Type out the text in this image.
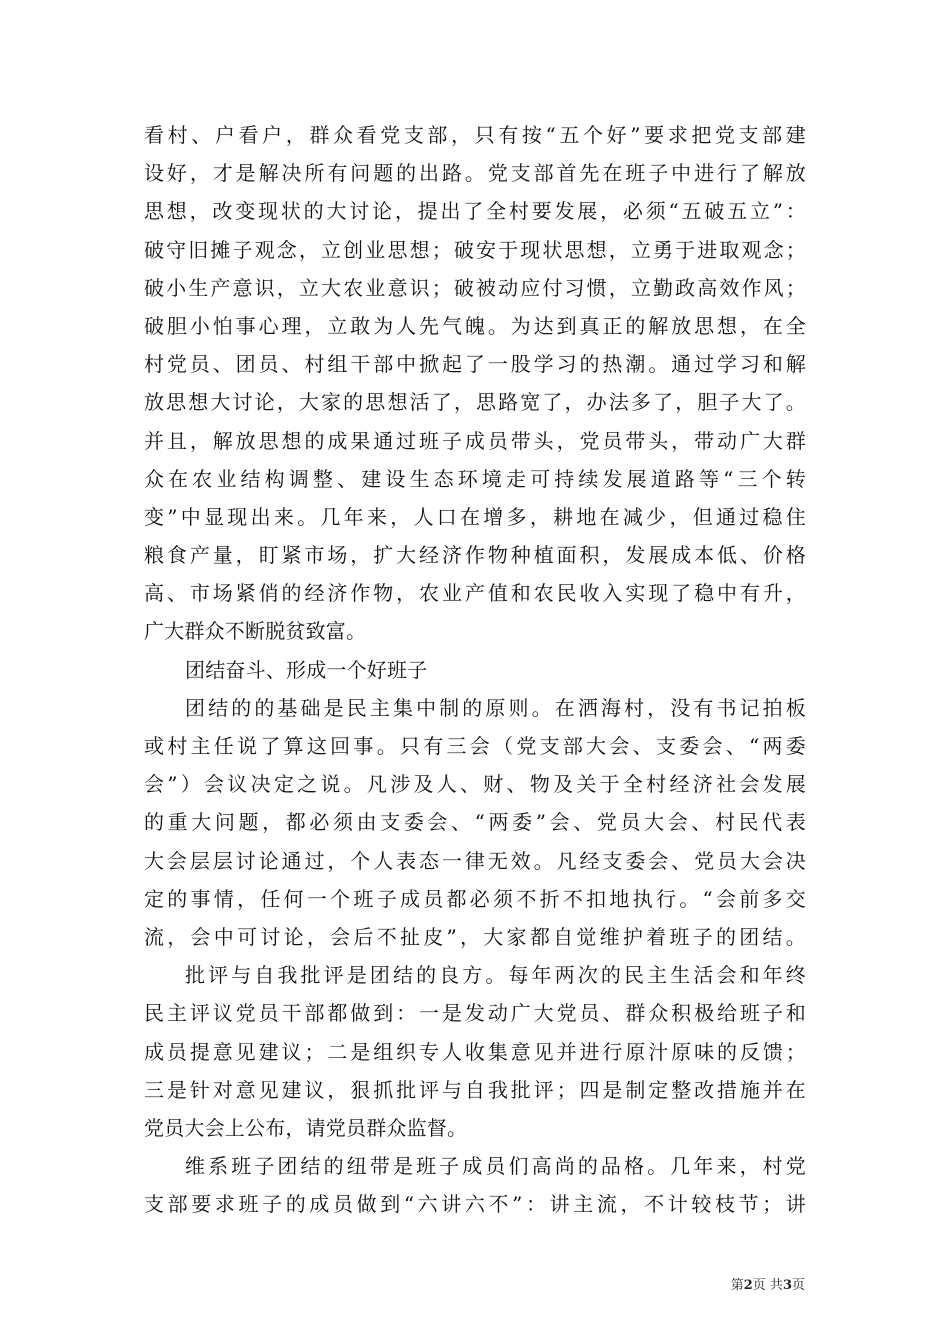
看村、户看户，群众看党支部，只有按“五个好”要求把党支部建
设好，才是解决所有问题的出路。党支部首先在班子中进行了解放
思想，改变现状的大讨论，提出了全村要发展，必须“五破五立”：
破守旧摊子观念，立创业思想；破安于现状思想，立勇于进取观念；
破小生产意识，立大农业意识；破被动应付习惯，立勤政高效作风；
破胆小怕事心理，立敢为人先气魄。为达到真正的解放思想，在全
村党员、团员、村组干部中掀起了一股学习的热潮。通过学习和解
放思想大讨论，大家的思想活了，思路宽了，办法多了，胆子大了。
并且，解放思想的成果通过班子成员带头，党员带头，带动广大群
众在农业结构调整、建设生态环境走可持续发展道路等“三个转
变”中显现出来。几年来，人口在增多，耕地在减少，但通过稳住
粮食产量，盯紧市场，扩大经济作物种植面积，发展成本低、价格
高、市场紧俏的经济作物，农业产值和农民收入实现了稳中有升，
广大群众不断脱贫致富。
团结奋斗、形成一个好班子
团结的的基础是民主集中制的原则。在洒海村，没有书记拍板
或村主任说了算这回事。只有三会（党支部大会、支委会、“两委
会”）会议决定之说。凡涉及人、财、物及关于全村经济社会发展
的重大问题，都必须由支委会、“两委”会、党员大会、村民代表
大会层层讨论通过，个人表态一律无效。凡经支委会、党员大会决
定的事情，任何一个班子成员都必须不折不扣地执行。“会前多交
流，会中可讨论，会后不扯皮”，大家都自觉维护着班子的团结。
批评与自我批评是团结的良方。每年两次的民主生活会和年终
民主评议党员干部都做到：一是发动广大党员、群众积极给班子和
成员提意见建议；二是组织专人收集意见并进行原汁原味的反馈；
三是针对意见建议，狠抓批评与自我批评；四是制定整改措施并在
党员大会上公布，请党员群众监督。
维系班子团结的纽带是班子成员们高尚的品格。几年来，村党
支部要求班子的成员做到“六讲六不”：讲主流，不计较枝节；讲
第2页 共3页
